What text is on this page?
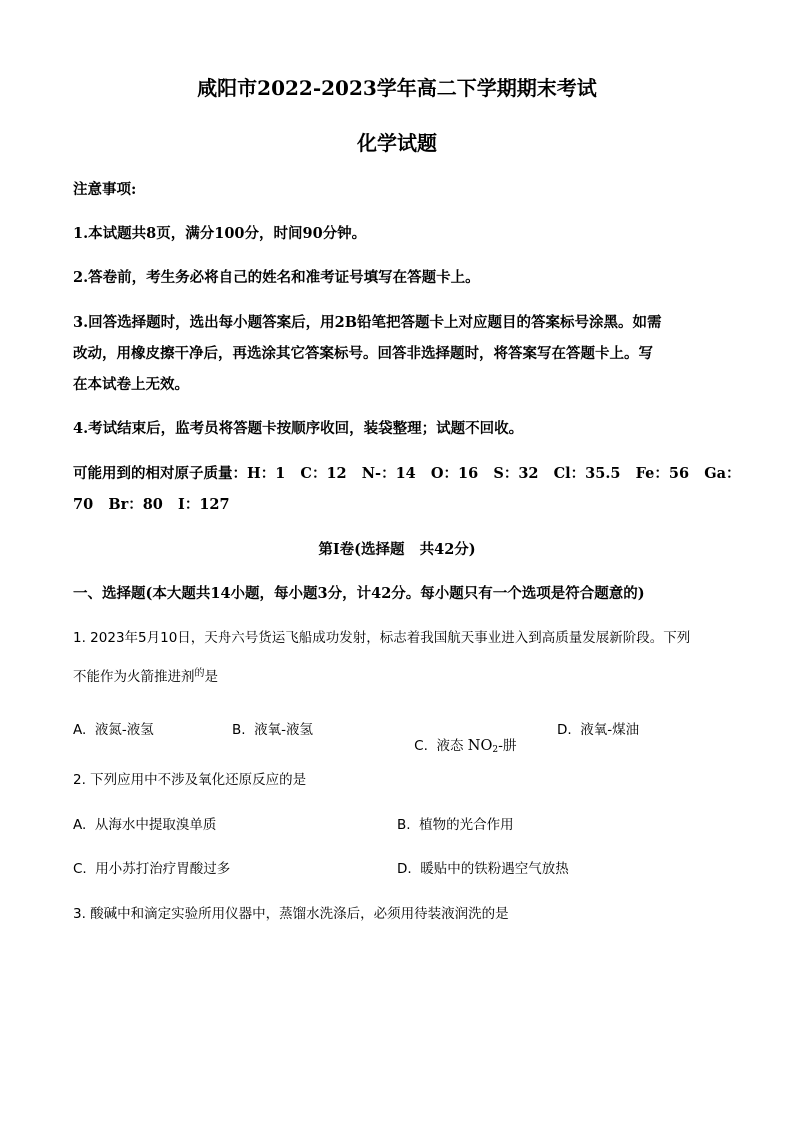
咸阳市2022-2023学年高二下学期期末考试
化学试题
注意事项:
1.本试题共8页，满分100分，时间90分钟。
2.答卷前，考生务必将自己的姓名和准考证号填写在答题卡上。
3.回答选择题时，选出每小题答案后，用2B铅笔把答题卡上对应题目的答案标号涂黑。如需
改动，用橡皮擦干净后，再选涂其它答案标号。回答非选择题时，将答案写在答题卡上。写
在本试卷上无效。
4.考试结束后，监考员将答题卡按顺序收回，装袋整理；试题不回收。
可能用到的相对原子质量：H：1   C：12   N-：14   O：16   S：32   Cl：35.5   Fe：56   Ga：
70   Br：80   I：127
第Ⅰ卷(选择题   共42分)
一、选择题(本大题共14小题，每小题3分，计42分。每小题只有一个选项是符合题意的)
1. 2023年5月10日，天舟六号货运飞船成功发射，标志着我国航天事业进入到高质量发展新阶段。下列
不能作为火箭推进剂$^的$是
A.  液氮-液氢	B.  液氧-液氢

C.  液态 $NO_2-$肼

D.  液氧-煤油
2. 下列应用中不涉及氧化还原反应的是
A.  从海水中提取溴单质	B.  植物的光合作用
C.  用小苏打治疗胃酸过多	D.  暖贴中的铁粉遇空气放热
3. 酸碱中和滴定实验所用仪器中，蒸馏水洗涤后，必须用待装液润洗的是
